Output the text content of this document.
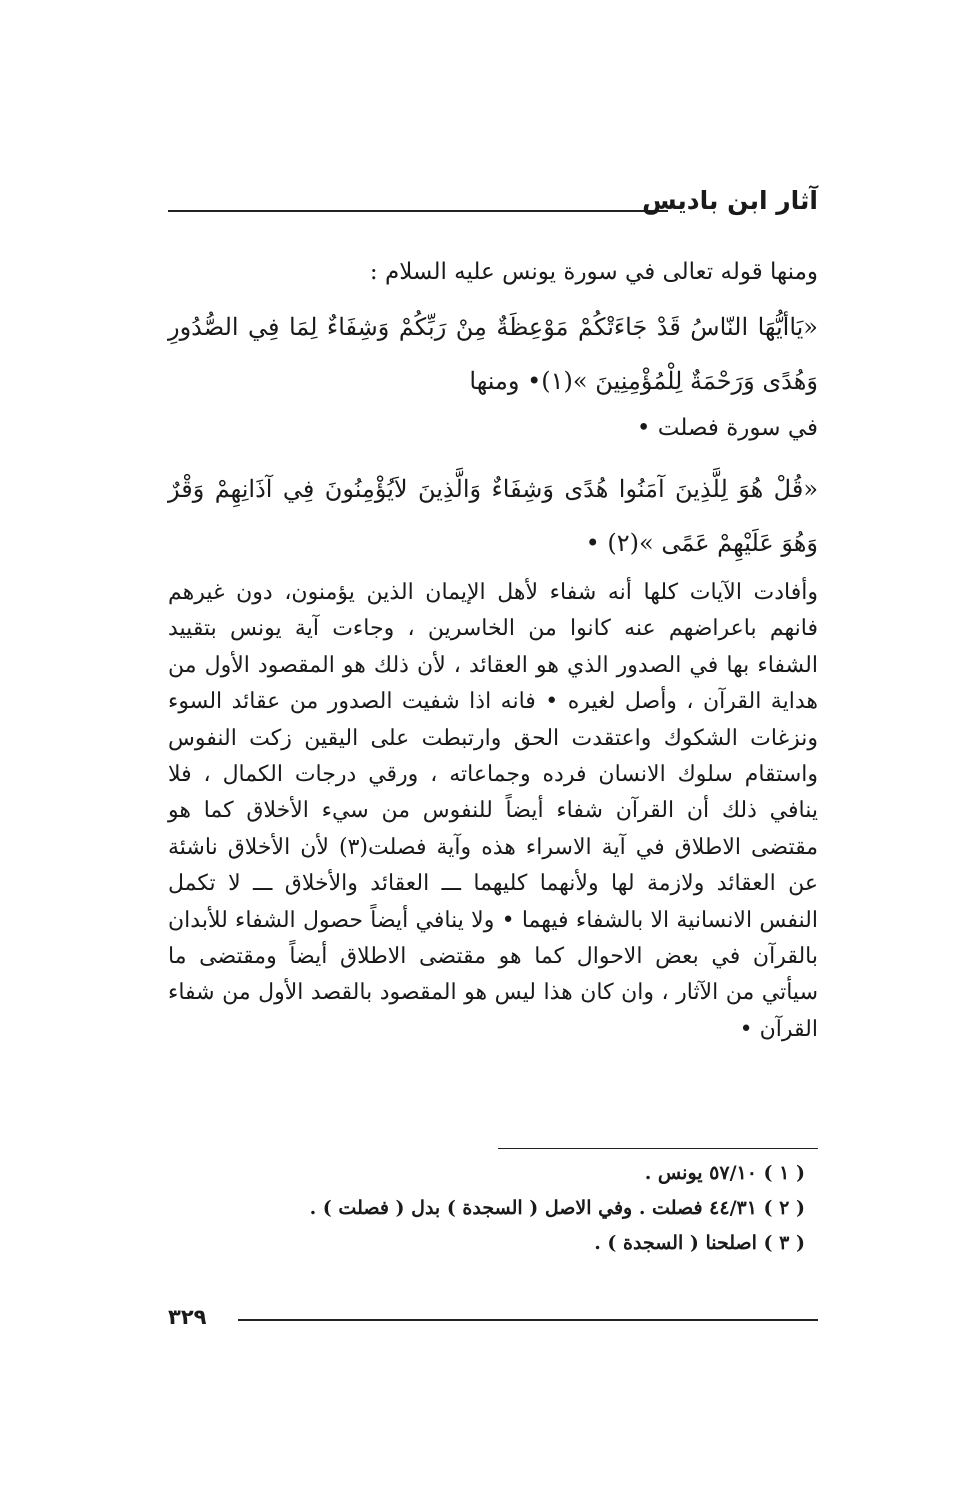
آثار ابن باديس

ومنها قوله تعالى في سورة يونس عليه السلام :

«يَاأيُّهَا النّاسُ قَدْ جَاءَتْكُمْ مَوْعِظَةٌ مِنْ رَبِّكُمْ وَشِفَاءٌ لِمَا فِي الصُّدُورِ وَهُدًى وَرَحْمَةٌ لِلْمُؤْمِنِينَ »(١)• ومنها

في سورة فصلت •

«قُلْ هُوَ لِلَّذِينَ آمَنُوا هُدًى وَشِفَاءٌ وَالَّذِينَ لاَيُؤْمِنُونَ فِي آذَانِهِمْ وَقْرٌ وَهُوَ عَلَيْهِمْ عَمًى »(٢) •

وأفادت الآيات كلها أنه شفاء لأهل الإيمان الذين يؤمنون، دون غيرهم فانهم باعراضهم عنه كانوا من الخاسرين ، وجاءت آية يونس بتقييد الشفاء بها في الصدور الذي هو العقائد ، لأن ذلك هو المقصود الأول من هداية القرآن ، وأصل لغيره • فانه اذا شفيت الصدور من عقائد السوء ونزغات الشكوك واعتقدت الحق وارتبطت على اليقين زكت النفوس واستقام سلوك الانسان فرده وجماعاته ، ورقي درجات الكمال ، فلا ينافي ذلك أن القرآن شفاء أيضاً للنفوس من سيء الأخلاق كما هو مقتضى الاطلاق في آية الاسراء هذه وآية فصلت(٣) لأن الأخلاق ناشئة عن العقائد ولازمة لها ولأنهما كليهما ـــ العقائد والأخلاق ـــ لا تكمل النفس الانسانية الا بالشفاء فيهما • ولا ينافي أيضاً حصول الشفاء للأبدان بالقرآن في بعض الاحوال كما هو مقتضى الاطلاق أيضاً ومقتضى ما سيأتي من الآثار ، وان كان هذا ليس هو المقصود بالقصد الأول من شفاء القرآن •

( ١ ) ٥٧/١٠ يونس .
( ٢ ) ٤٤/٣١ فصلت . وفي الاصل ( السجدة ) بدل ( فصلت ) .
( ٣ ) اصلحنا ( السجدة ) .
٣٢٩
